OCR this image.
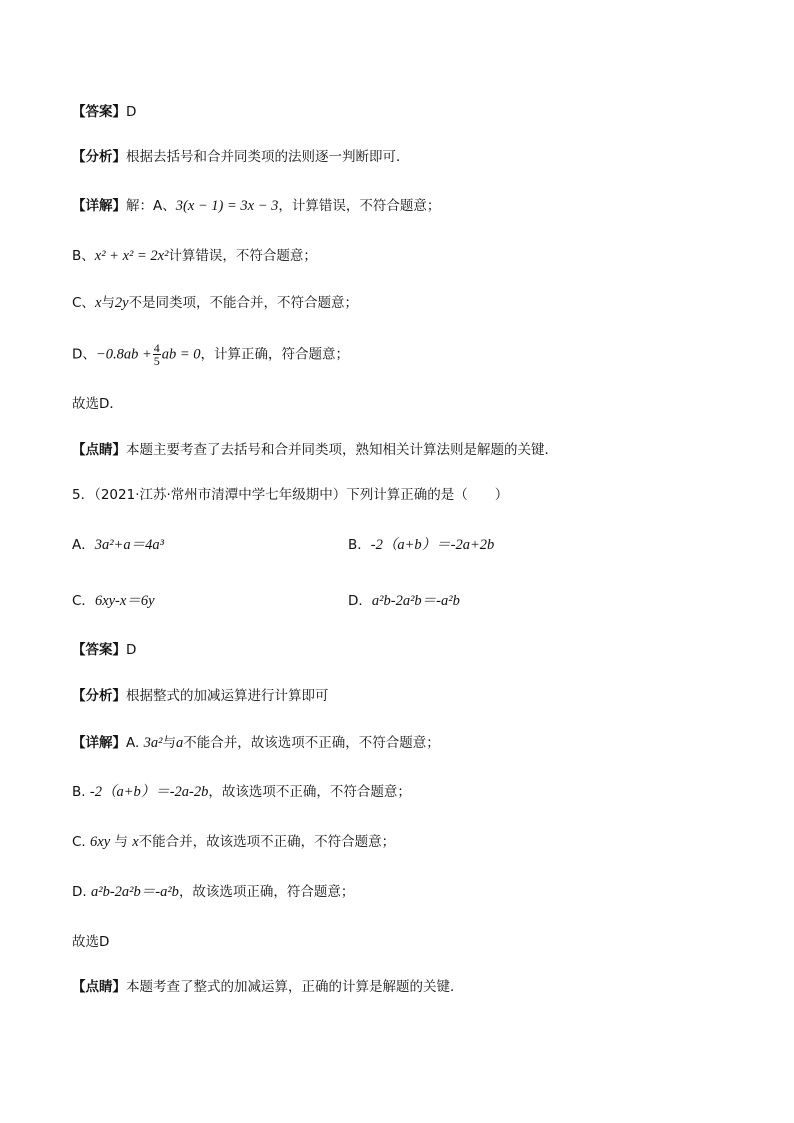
【答案】D
【分析】根据去括号和合并同类项的法则逐一判断即可．
【详解】解：A、3(x − 1) = 3x − 3，计算错误，不符合题意；
B、x² + x² = 2x²计算错误，不符合题意；
C、x与2y不是同类项，不能合并，不符合题意；
D、$-0.8ab + \frac{4}{5}$ ab = 0，计算正确，符合题意；
故选D．
【点睛】本题主要考查了去括号和合并同类项，熟知相关计算法则是解题的关键．
5．（2021·江苏·常州市清潭中学七年级期中）下列计算正确的是（　　）
A．3a²+a＝4a³	B．-2（a+b）＝-2a+2b
C．6xy-x＝6y	D．a²b-2a²b＝-a²b
【答案】D
【分析】根据整式的加减运算进行计算即可
【详解】A. 3a²与a不能合并，故该选项不正确，不符合题意；
B. -2（a+b）＝-2a-2b，故该选项不正确，不符合题意；
C. 6xy 与 x不能合并，故该选项不正确，不符合题意；
D. a²b-2a²b＝-a²b，故该选项正确，符合题意；
故选D
【点睛】本题考查了整式的加减运算，正确的计算是解题的关键．
